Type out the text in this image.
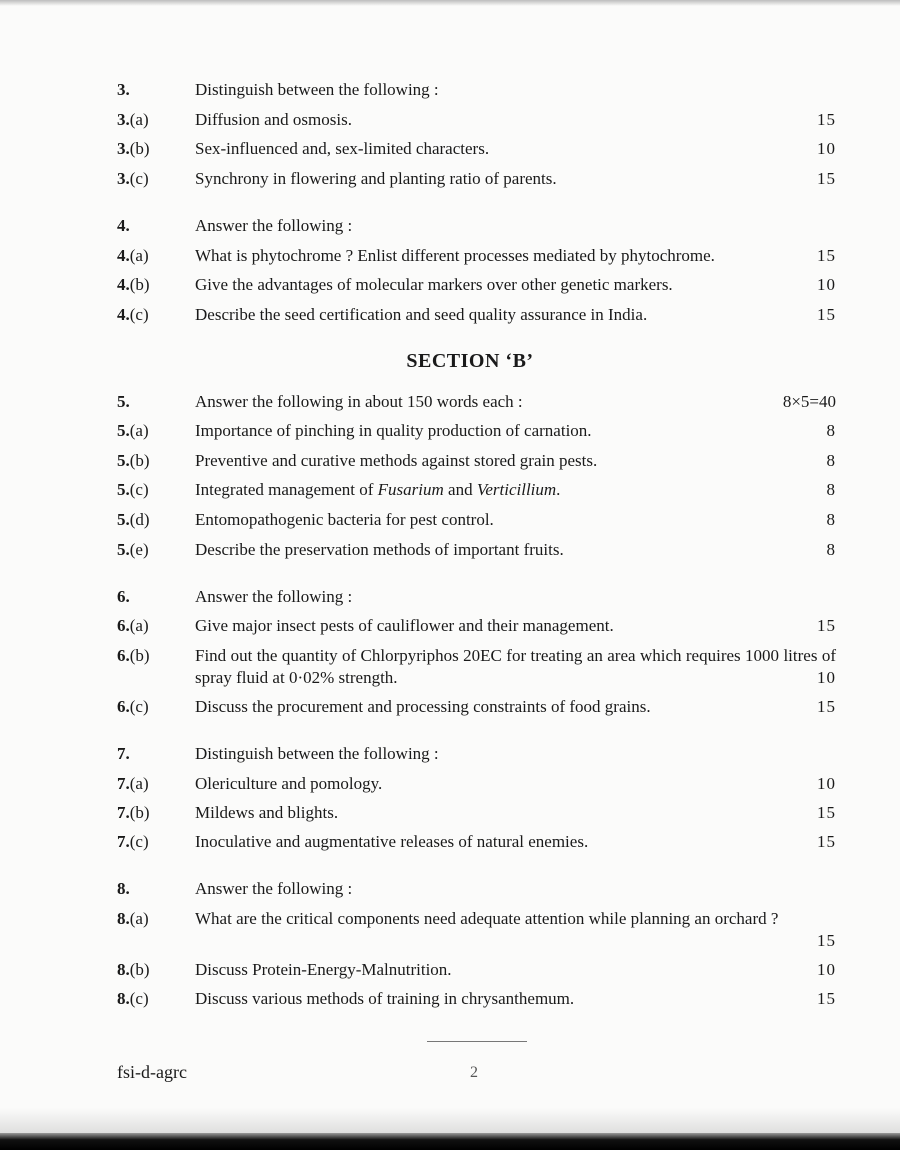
3.	Distinguish between the following :
3.(a)	Diffusion and osmosis.	15
3.(b)	Sex-influenced and, sex-limited characters.	10
3.(c)	Synchrony in flowering and planting ratio of parents.	15
4.	Answer the following :
4.(a)	What is phytochrome ? Enlist different processes mediated by phytochrome.	15
4.(b)	Give the advantages of molecular markers over other genetic markers.	10
4.(c)	Describe the seed certification and seed quality assurance in India.	15
SECTION ‘B’
5.	Answer the following in about 150 words each :	8×5=40
5.(a)	Importance of pinching in quality production of carnation.	8
5.(b)	Preventive and curative methods against stored grain pests.	8
5.(c)	Integrated management of Fusarium and Verticillium.	8
5.(d)	Entomopathogenic bacteria for pest control.	8
5.(e)	Describe the preservation methods of important fruits.	8
6.	Answer the following :
6.(a)	Give major insect pests of cauliflower and their management.	15
6.(b)	Find out the quantity of Chlorpyriphos 20EC for treating an area which requires 1000 litres of spray fluid at 0·02% strength.	10
6.(c)	Discuss the procurement and processing constraints of food grains.	15
7.	Distinguish between the following :
7.(a)	Olericulture and pomology.	10
7.(b)	Mildews and blights.	15
7.(c)	Inoculative and augmentative releases of natural enemies.	15
8.	Answer the following :
8.(a)	What are the critical components need adequate attention while planning an orchard ?
15
8.(b)	Discuss Protein-Energy-Malnutrition.	10
8.(c)	Discuss various methods of training in chrysanthemum.	15
fsi-d-agrc	2
